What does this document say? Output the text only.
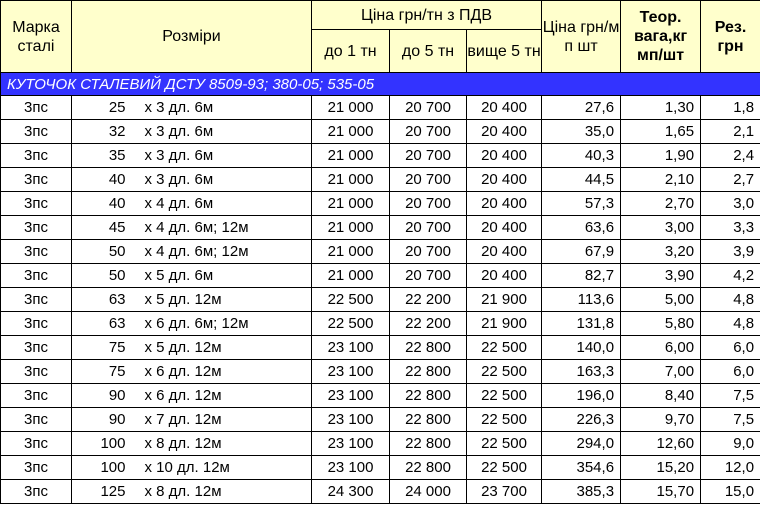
Марка сталі	Розміри		Ціна грн/тн з ПДВ			Ціна грн/м п шт	Теор. вага,кг мп/шт	Рез. грн
			до 1 тн	до 5 тн	вище 5 тн			
КУТОЧОК СТАЛЕВИЙ ДСТУ 8509-93; 380-05; 535-05								
3пс	25	х 3 дл. 6м	21 000	20 700	20 400	27,6	1,30	1,8
3пс	32	х 3 дл. 6м	21 000	20 700	20 400	35,0	1,65	2,1
3пс	35	х 3 дл. 6м	21 000	20 700	20 400	40,3	1,90	2,4
3пс	40	х 3 дл. 6м	21 000	20 700	20 400	44,5	2,10	2,7
3пс	40	х 4 дл. 6м	21 000	20 700	20 400	57,3	2,70	3,0
3пс	45	х 4 дл. 6м; 12м	21 000	20 700	20 400	63,6	3,00	3,3
3пс	50	х 4 дл. 6м; 12м	21 000	20 700	20 400	67,9	3,20	3,9
3пс	50	х 5 дл. 6м	21 000	20 700	20 400	82,7	3,90	4,2
3пс	63	х 5 дл. 12м	22 500	22 200	21 900	113,6	5,00	4,8
3пс	63	х 6 дл. 6м; 12м	22 500	22 200	21 900	131,8	5,80	4,8
3пс	75	х 5 дл. 12м	23 100	22 800	22 500	140,0	6,00	6,0
3пс	75	х 6 дл. 12м	23 100	22 800	22 500	163,3	7,00	6,0
3пс	90	х 6 дл. 12м	23 100	22 800	22 500	196,0	8,40	7,5
3пс	90	х 7 дл. 12м	23 100	22 800	22 500	226,3	9,70	7,5
3пс	100	х 8 дл. 12м	23 100	22 800	22 500	294,0	12,60	9,0
3пс	100	х 10 дл. 12м	23 100	22 800	22 500	354,6	15,20	12,0
3пс	125	х 8 дл. 12м	24 300	24 000	23 700	385,3	15,70	15,0
